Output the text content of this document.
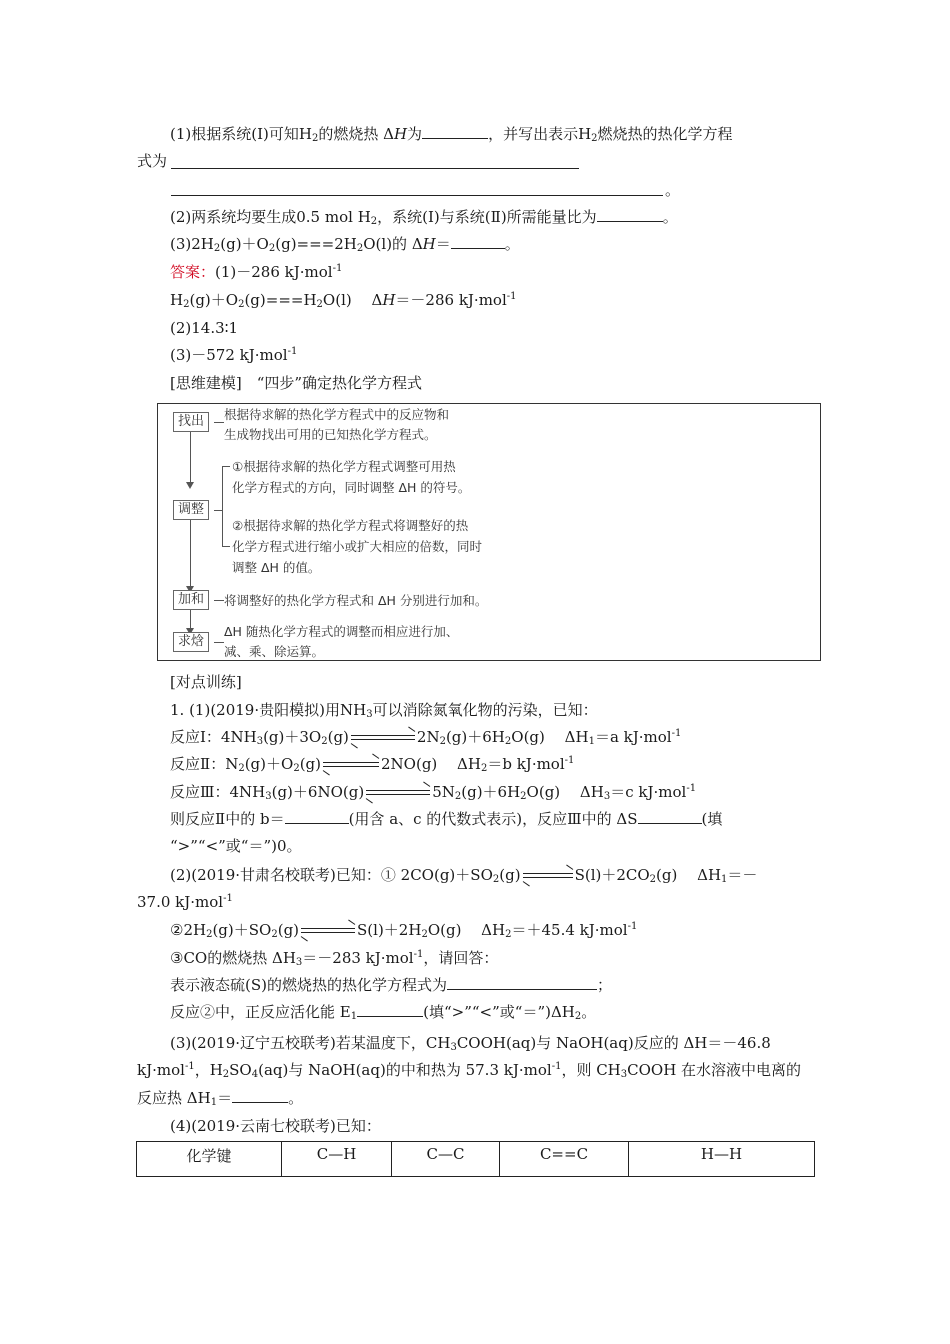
(1)根据系统(Ⅰ)可知$H_2$的燃烧热 ΔH为	，并写出表示$H_2$燃烧热的热化学方程
式为
。
(2)两系统均要生成0.5 mol $H_2$，系统(Ⅰ)与系统(Ⅱ)所需能量比为	。
$(3)2H_2(g)+O_2(g)===2H_2O(l)$的 ΔH＝	。
答案：(1)－286 kJ·mol$^{-1}$
$H_2(g)+O_2(g)===H_2O(l)$　 ΔH＝－286 kJ·mol$^{-1}$
(2)14.3∶1
(3)－572 kJ·mol$^{-1}$
[思维建模]　“四步”确定热化学方程式
找出	根据待求解的热化学方程式中的反应物和
生成物找出可用的已知热化学方程式。
调整
①根据待求解的热化学方程式调整可用热
化学方程式的方向，同时调整 ΔH 的符号。
②根据待求解的热化学方程式将调整好的热
化学方程式进行缩小或扩大相应的倍数，同时
调整 ΔH 的值。
加和	将调整好的热化学方程式和 ΔH 分别进行加和。
求焓
ΔH 随热化学方程式的调整而相应进行加、
减、乘、除运算。
[对点训练]
1. (1)(2019·贵阳模拟)用$NH_3$可以消除氮氧化物的污染，已知：
反应Ⅰ：$4NH_3(g)+3O_2(g)$	$2N_2(g)+6H_2O(g)$　 $\Delta H_1=a$ kJ·mol$^{-1}$
反应Ⅱ：$N_2(g)+O_2(g)$	2NO(g)　 $\Delta H_2=b$ kJ·mol$^{-1}$
反应Ⅲ：$4NH_3(g)+6NO(g)$	$5N_2(g)+6H_2O(g)$　 $\Delta H_3=c$ kJ·mol$^{-1}$
则反应Ⅱ中的 b＝	(用含 a、c 的代数式表示)，反应Ⅲ中的 ΔS	(填
“>”“<”或“＝”)0。
(2)(2019·甘肃名校联考)已知：① $2CO(g)+SO_2(g)$	$S(l)+2CO_2(g)$　 $\Delta H_1=-$
37.0 kJ·mol$^{-1}$
$②2H_2(g)+SO_2(g)$	$S(l)+2H_2O(g)$　 $\Delta H_2=+45.4$ kJ·mol$^{-1}$
③CO的燃烧热 $\Delta H_3=-283$ kJ·mol$^{-1}$，请回答：
表示液态硫(S)的燃烧热的热化学方程式为	；
反应②中，正反应活化能 $E_1$	(填“>”“<”或“$=”)\Delta H_2$。
(3)(2019·辽宁五校联考)若某温度下，$CH_3COOH(aq)$与 NaOH(aq)反应的 ΔH＝－46.8
kJ·mol$^{-1}$，$H_2SO_4(aq)$与 NaOH(aq)的中和热为 57.3 kJ·mol$^{-1}$，则 $CH_3COOH$ 在水溶液中电离的
反应热 $\Delta H_1=$	。
(4)(2019·云南七校联考)已知：
化学键	C—H	C—C	C==C	H—H
